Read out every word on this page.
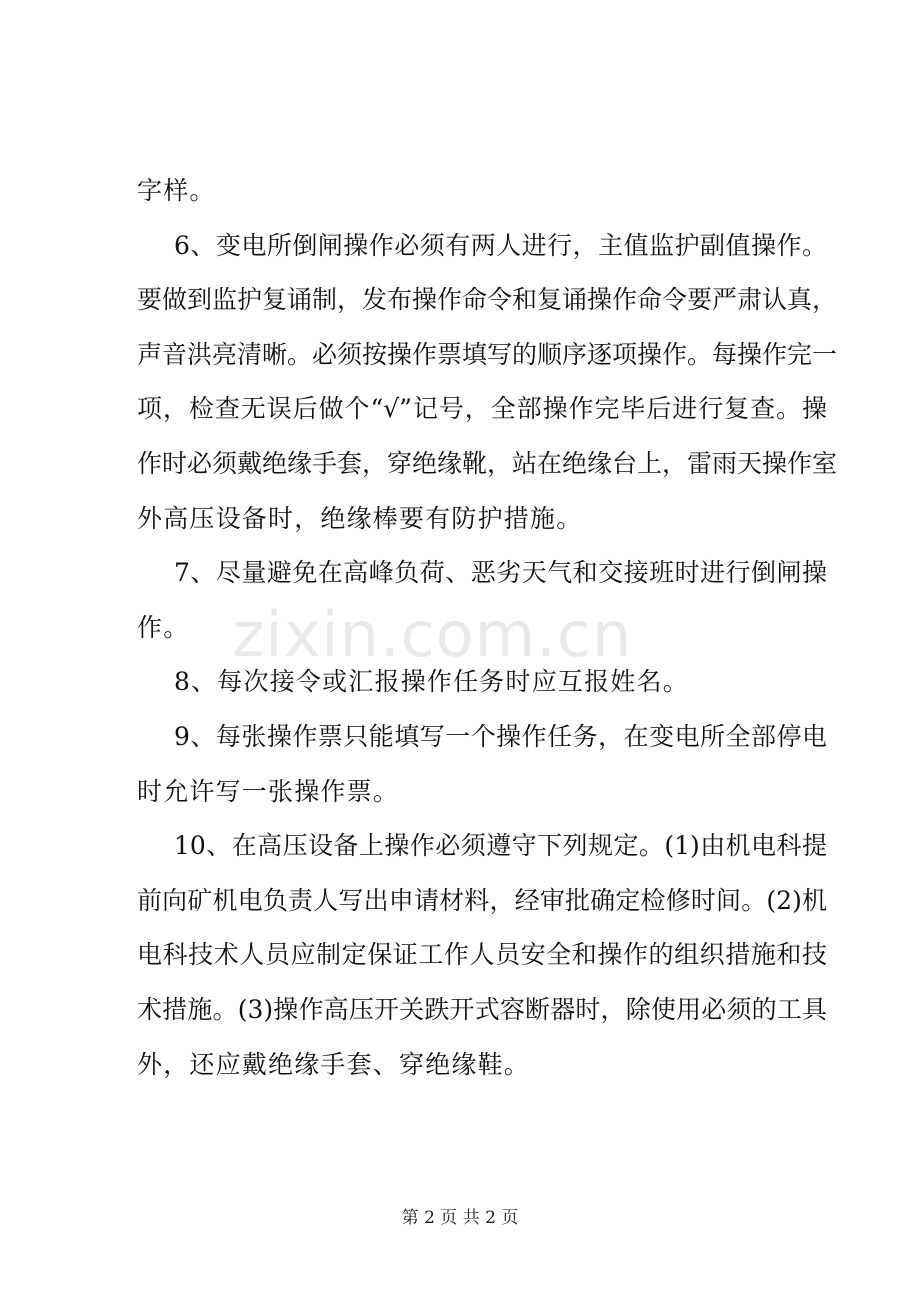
字样。
6、变电所倒闸操作必须有两人进行，主值监护副值操作。
要做到监护复诵制，发布操作命令和复诵操作命令要严肃认真，
声音洪亮清晰。必须按操作票填写的顺序逐项操作。每操作完一
项，检查无误后做个“√”记号，全部操作完毕后进行复查。操
作时必须戴绝缘手套，穿绝缘靴，站在绝缘台上，雷雨天操作室
外高压设备时，绝缘棒要有防护措施。
7、尽量避免在高峰负荷、恶劣天气和交接班时进行倒闸操
作。
8、每次接令或汇报操作任务时应互报姓名。
9、每张操作票只能填写一个操作任务，在变电所全部停电
时允许写一张操作票。
10、在高压设备上操作必须遵守下列规定。(1)由机电科提
前向矿机电负责人写出申请材料，经审批确定检修时间。(2)机
电科技术人员应制定保证工作人员安全和操作的组织措施和技
术措施。(3)操作高压开关跌开式容断器时，除使用必须的工具
外，还应戴绝缘手套、穿绝缘鞋。
zixin.com.cn
第 2 页 共 2 页
